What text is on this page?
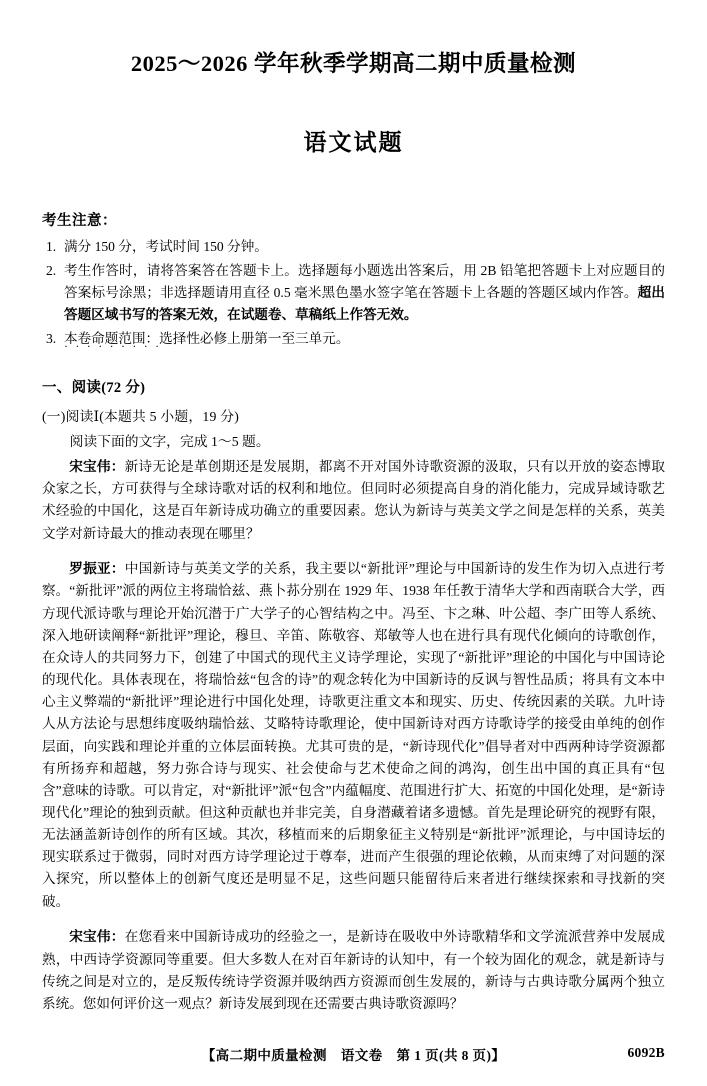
2025～2026 学年秋季学期高二期中质量检测
语文试题
考生注意：
1. 满分 150 分，考试时间 150 分钟。
2. 考生作答时，请将答案答在答题卡上。选择题每小题选出答案后，用 2B 铅笔把答题卡上对应题目的答案标号涂黑；非选择题请用直径 0.5 毫米黑色墨水签字笔在答题卡上各题的答题区域内作答。超出答题区域书写的答案无效，在试题卷、草稿纸上作答无效。
3. 本卷命题范围：选择性必修上册第一至三单元。 · ·
一、阅读(72 分)
(一)阅读Ⅰ(本题共 5 小题，19 分)
阅读下面的文字，完成 1～5 题。

宋宝伟：新诗无论是革创期还是发展期，都离不开对国外诗歌资源的汲取，只有以开放的姿态博取众家之长，方可获得与全球诗歌对话的权利和地位。但同时必须提高自身的消化能力，完成异域诗歌艺术经验的中国化，这是百年新诗成功确立的重要因素。您认为新诗与英美文学之间是怎样的关系，英美文学对新诗最大的推动表现在哪里？

罗振亚：中国新诗与英美文学的关系，我主要以“新批评”理论与中国新诗的发生作为切入点进行考察。“新批评”派的两位主将瑞恰兹、燕卜荪分别在 1929 年、1938 年任教于清华大学和西南联合大学，西方现代派诗歌与理论开始沉潜于广大学子的心智结构之中。冯至、卞之琳、叶公超、李广田等人系统、深入地研读阐释“新批评”理论，穆旦、辛笛、陈敬容、郑敏等人也在进行具有现代化倾向的诗歌创作，在众诗人的共同努力下，创建了中国式的现代主义诗学理论，实现了“新批评”理论的中国化与中国诗论的现代化。具体表现在，将瑞恰兹“包含的诗”的观念转化为中国新诗的反讽与智性品质；将具有文本中心主义弊端的“新批评”理论进行中国化处理，诗歌更注重文本和现实、历史、传统因素的关联。九叶诗人从方法论与思想纬度吸纳瑞恰兹、艾略特诗歌理论，使中国新诗对西方诗歌诗学的接受由单纯的创作层面，向实践和理论并重的立体层面转换。尤其可贵的是，“新诗现代化”倡导者对中西两种诗学资源都有所扬弃和超越，努力弥合诗与现实、社会使命与艺术使命之间的鸿沟，创生出中国的真正具有“包含”意味的诗歌。可以肯定，对“新批评”派“包含”内蕴幅度、范围进行扩大、拓宽的中国化处理，是“新诗现代化”理论的独到贡献。但这种贡献也并非完美，自身潜藏着诸多遗憾。首先是理论研究的视野有限，无法涵盖新诗创作的所有区域。其次，移植而来的后期象征主义特别是“新批评”派理论，与中国诗坛的现实联系过于微弱，同时对西方诗学理论过于尊奉，进而产生很强的理论依赖，从而束缚了对问题的深入探究，所以整体上的创新气度还是明显不足，这些问题只能留待后来者进行继续探索和寻找新的突破。

宋宝伟：在您看来中国新诗成功的经验之一，是新诗在吸收中外诗歌精华和文学流派营养中发展成熟，中西诗学资源同等重要。但大多数人在对百年新诗的认知中，有一个较为固化的观念，就是新诗与传统之间是对立的，是反叛传统诗学资源并吸纳西方资源而创生发展的，新诗与古典诗歌分属两个独立系统。您如何评价这一观点？新诗发展到现在还需要古典诗歌资源吗？

【高二期中质量检测 语文卷 第 1 页(共 8 页)】	6092B
